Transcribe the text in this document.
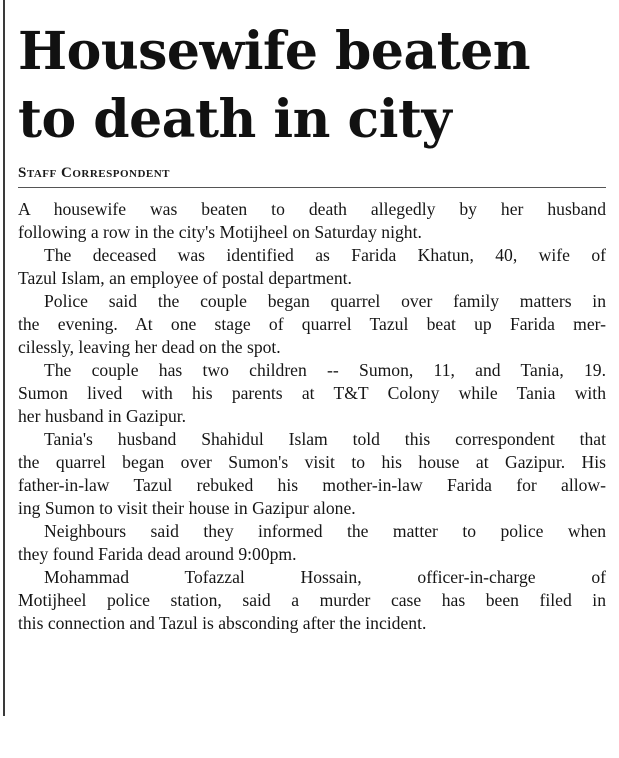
Housewife beaten
to death in city
Staff Correspondent

A housewife was beaten to death allegedly by her husband
following a row in the city's Motijheel on Saturday night.

The deceased was identified as Farida Khatun, 40, wife of
Tazul Islam, an employee of postal department.

Police said the couple began quarrel over family matters in
the evening. At one stage of quarrel Tazul beat up Farida mer-
cilessly, leaving her dead on the spot.

The couple has two children -- Sumon, 11, and Tania, 19.
Sumon lived with his parents at T&T Colony while Tania with
her husband in Gazipur.

Tania's husband Shahidul Islam told this correspondent that
the quarrel began over Sumon's visit to his house at Gazipur. His
father-in-law Tazul rebuked his mother-in-law Farida for allow-
ing Sumon to visit their house in Gazipur alone.

Neighbours said they informed the matter to police when
they found Farida dead around 9:00pm.

Mohammad Tofazzal Hossain, officer-in-charge of
Motijheel police station, said a murder case has been filed in
this connection and Tazul is absconding after the incident.
